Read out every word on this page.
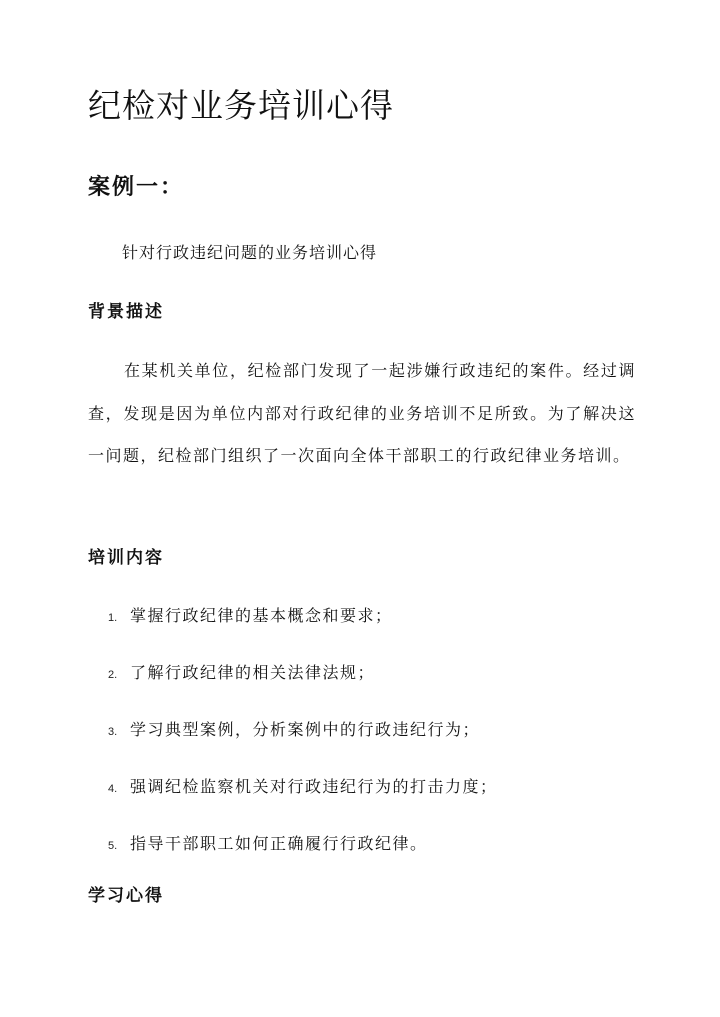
纪检对业务培训心得
案例一：

针对行政违纪问题的业务培训心得

背景描述

在某机关单位，纪检部门发现了一起涉嫌行政违纪的案件。经过调查，发现是因为单位内部对行政纪律的业务培训不足所致。为了解决这一问题，纪检部门组织了一次面向全体干部职工的行政纪律业务培训。

培训内容
1. 掌握行政纪律的基本概念和要求；
2. 了解行政纪律的相关法律法规；
3. 学习典型案例，分析案例中的行政违纪行为；
4. 强调纪检监察机关对行政违纪行为的打击力度；
5. 指导干部职工如何正确履行行政纪律。
学习心得
